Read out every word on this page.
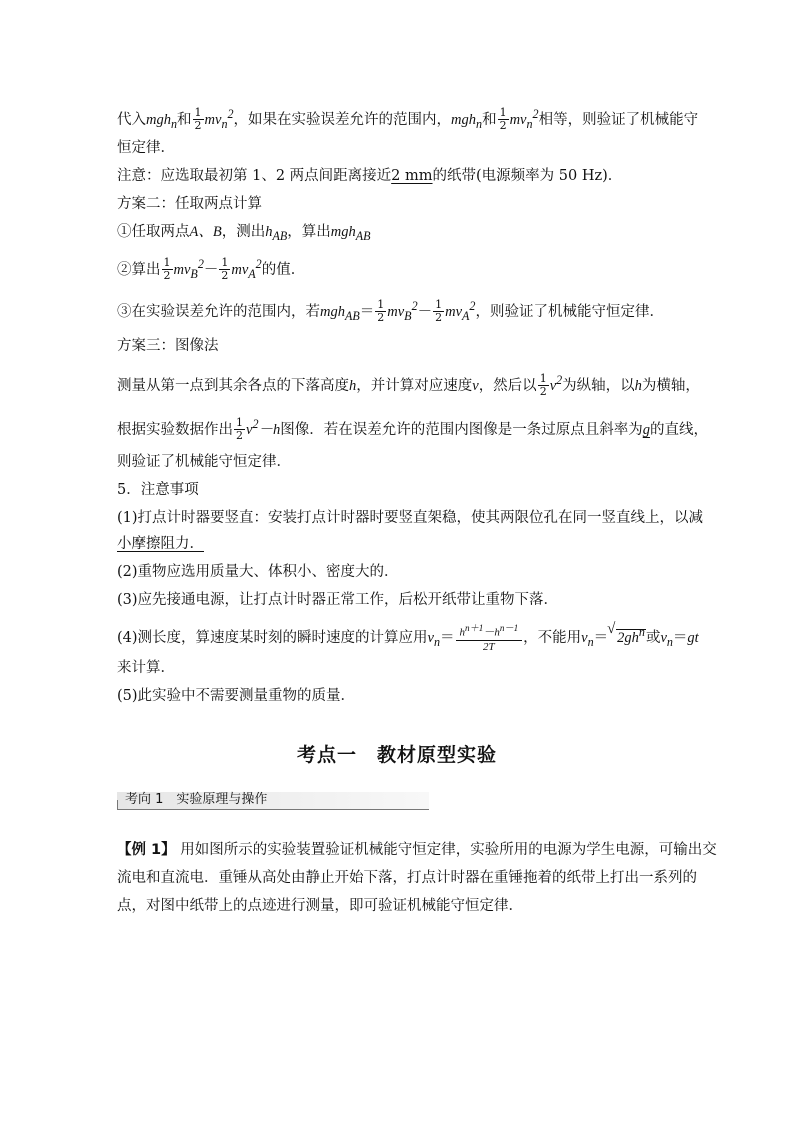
代入mgh$_n$和 $\frac{1}{2} mv_n^2$，如果在实验误差允许的范围内，mgh$_n$和 $\frac{1}{2} mv_n^2$相等，则验证了机械能守
恒定律．
注意：应选取最初第 1、2 两点间距离接近2 mm的纸带(电源频率为 50 Hz)．
方案二：任取两点计算
①任取两点A、B，测出$h_{AB}$，算出mgh$_{AB}$
②算出 $\frac{1}{2} mv_B^2- \frac{1}{2} mv_A^2$的值．
③在实验误差允许的范围内，若$mgh_{AB}= \frac{1}{2} mv_B^2- \frac{1}{2} mv_A^2$，则验证了机械能守恒定律．
方案三：图像法
测量从第一点到其余各点的下落高度h，并计算对应速度v，然后以 $\frac{1}{2} v^2$为纵轴，以h为横轴，
根据实验数据作出 $\frac{1}{2} v^2-h$图像．若在误差允许的范围内图像是一条过原点且斜率为g的直线，
则验证了机械能守恒定律．
5．注意事项
(1)打点计时器要竖直：安装打点计时器时要竖直架稳，使其两限位孔在同一竖直线上，以减
小摩擦阻力．
(2)重物应选用质量大、体积小、密度大的．
(3)应先接通电源，让打点计时器正常工作，后松开纸带让重物下落．
(4)测长度，算速度某时刻的瞬时速度的计算应用$v_n= \frac{h^{n+1}-h^{n-1}}{2T}$ ，不能用$v_n=√$ $2gh^n$或$v_n=gt$
来计算．
(5)此实验中不需要测量重物的质量．
考点一　教材原型实验
考向 1　实验原理与操作
【例 1】 用如图所示的实验装置验证机械能守恒定律，实验所用的电源为学生电源，可输出交
流电和直流电．重锤从高处由静止开始下落，打点计时器在重锤拖着的纸带上打出一系列的
点，对图中纸带上的点迹进行测量，即可验证机械能守恒定律．
